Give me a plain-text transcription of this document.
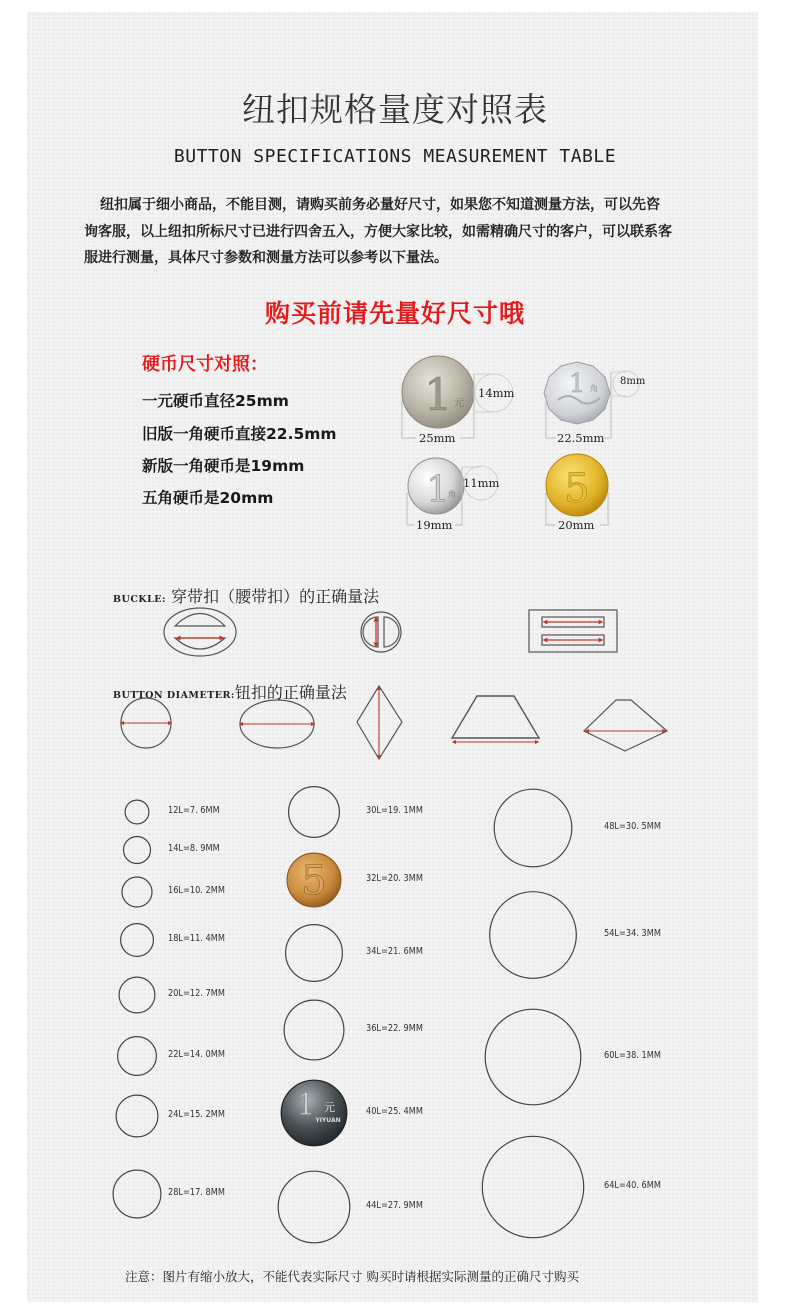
纽扣规格量度对照表
BUTTON SPECIFICATIONS MEASUREMENT TABLE

纽扣属于细小商品，不能目测，请购买前务必量好尺寸，如果您不知道测量方法，可以先咨

询客服，以上纽扣所标尺寸已进行四舍五入，方便大家比较，如需精确尺寸的客户，可以联系客

服进行测量，具体尺寸参数和测量方法可以参考以下量法。

购买前请先量好尺寸哦
硬币尺寸对照：
一元硬币直径25mm
旧版一角硬币直接22.5mm
新版一角硬币是19mm
五角硬币是20mm
1 元
1 角
1
角	5
25mm
14mm
22.5mm
8mm
19mm
11mm
20mm
BUCKLE: 穿带扣（腰带扣）的正确量法
BUTTON DIAMETER:钮扣的正确量法
5
1 元
YIYUAN
12L=7. 6MM
14L=8. 9MM
16L=10. 2MM
18L=11. 4MM
20L=12. 7MM
22L=14. 0MM
24L=15. 2MM
28L=17. 8MM
30L=19. 1MM
32L=20. 3MM
34L=21. 6MM
36L=22. 9MM
40L=25. 4MM
44L=27. 9MM
48L=30. 5MM
54L=34. 3MM
60L=38. 1MM
64L=40. 6MM
注意：图片有缩小放大，不能代表实际尺寸 购买时请根据实际测量的正确尺寸购买
